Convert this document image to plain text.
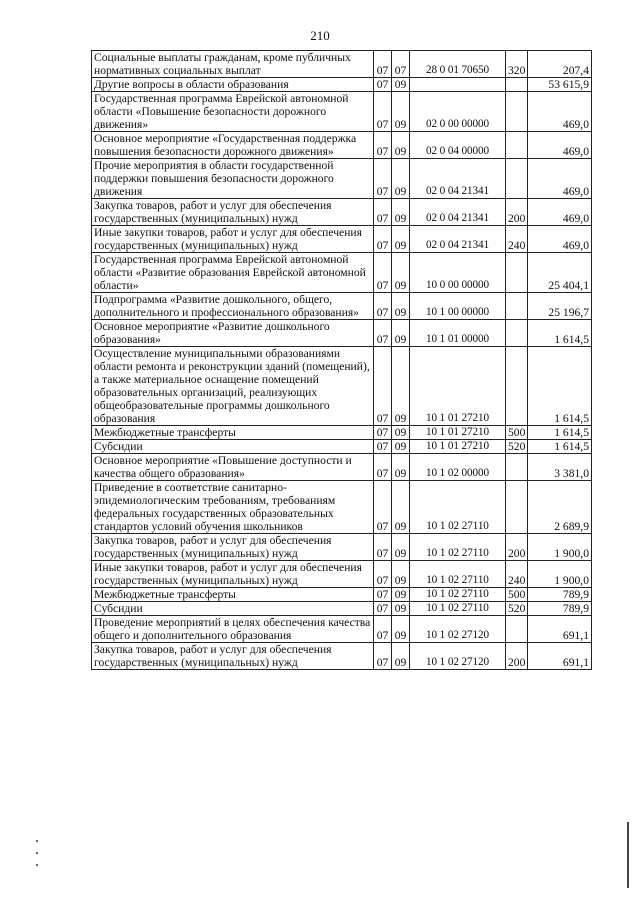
210
Социальные выплаты гражданам, кроме публичных нормативных социальных выплат	07	07	28 0 01 70650	320	207,4
Другие вопросы в области образования	07	09			53 615,9
Государственная программа Еврейской автономной области «Повышение безопасности дорожного движения»	07	09	02 0 00 00000		469,0
Основное мероприятие «Государственная поддержка повышения безопасности дорожного движения»	07	09	02 0 04 00000		469,0
Прочие мероприятия в области государственной поддержки повышения безопасности дорожного движения	07	09	02 0 04 21341		469,0
Закупка товаров, работ и услуг для обеспечения государственных (муниципальных) нужд	07	09	02 0 04 21341	200	469,0
Иные закупки товаров, работ и услуг для обеспечения государственных (муниципальных) нужд	07	09	02 0 04 21341	240	469,0
Государственная программа Еврейской автономной области «Развитие образования Еврейской автономной области»	07	09	10 0 00 00000		25 404,1
Подпрограмма «Развитие дошкольного, общего, дополнительного и профессионального образования»	07	09	10 1 00 00000		25 196,7
Основное мероприятие «Развитие дошкольного образования»	07	09	10 1 01 00000		1 614,5
Осуществление муниципальными образованиями области ремонта и реконструкции зданий (помещений), а также материальное оснащение помещений образовательных организаций, реализующих общеобразовательные программы дошкольного образования	07	09	10 1 01 27210		1 614,5
Межбюджетные трансферты	07	09	10 1 01 27210	500	1 614,5
Субсидии	07	09	10 1 01 27210	520	1 614,5
Основное мероприятие «Повышение доступности и качества общего образования»	07	09	10 1 02 00000		3 381,0
Приведение в соответствие санитарно-эпидемиологическим требованиям, требованиям федеральных государственных образовательных стандартов условий обучения школьников	07	09	10 1 02 27110		2 689,9
Закупка товаров, работ и услуг для обеспечения государственных (муниципальных) нужд	07	09	10 1 02 27110	200	1 900,0
Иные закупки товаров, работ и услуг для обеспечения государственных (муниципальных) нужд	07	09	10 1 02 27110	240	1 900,0
Межбюджетные трансферты	07	09	10 1 02 27110	500	789,9
Субсидии	07	09	10 1 02 27110	520	789,9
Проведение мероприятий в целях обеспечения качества общего и дополнительного образования	07	09	10 1 02 27120		691,1
Закупка товаров, работ и услуг для обеспечения государственных (муниципальных) нужд	07	09	10 1 02 27120	200	691,1
